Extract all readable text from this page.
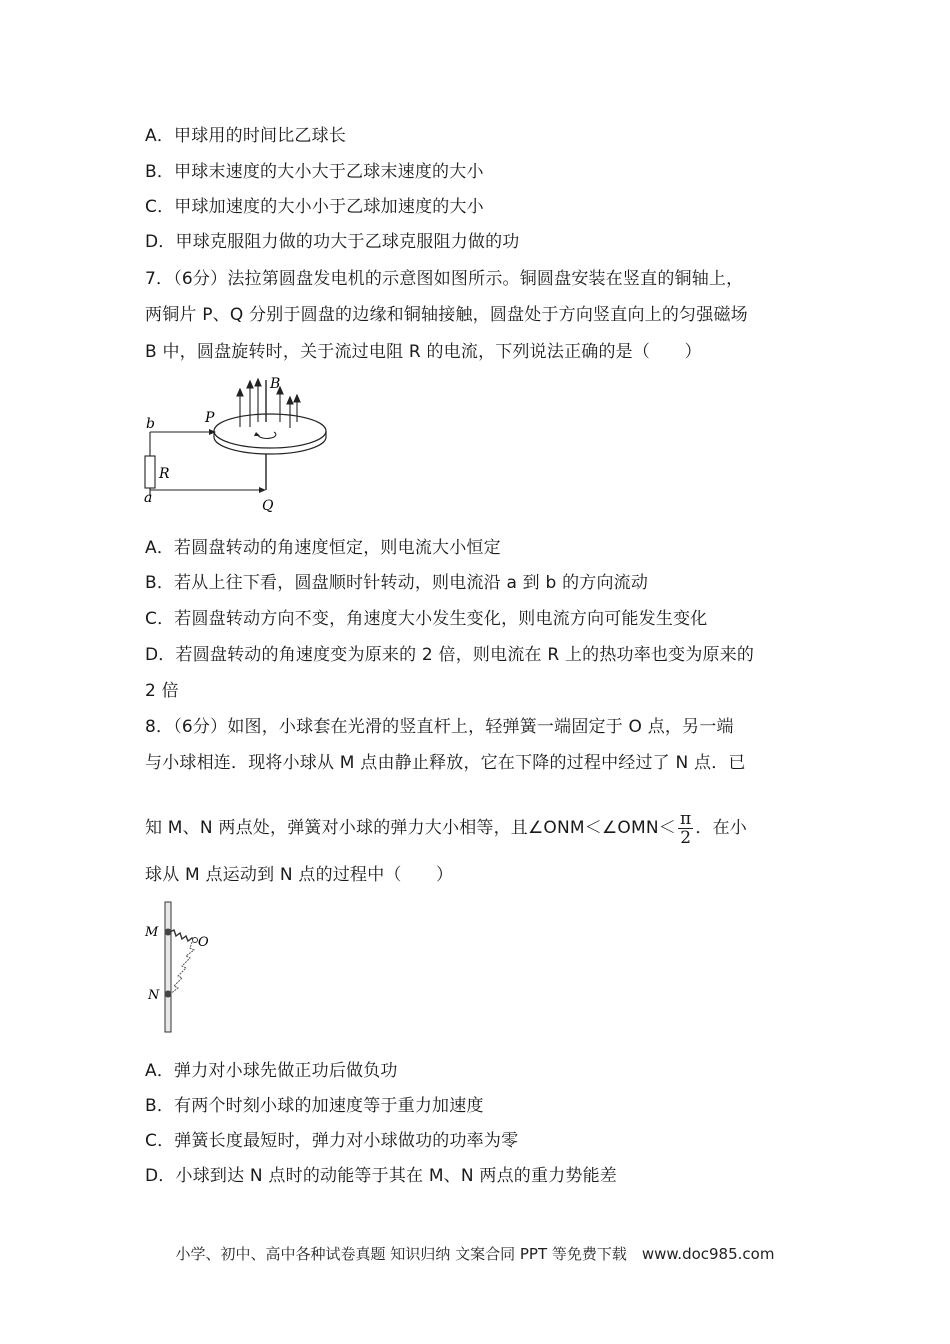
A．甲球用的时间比乙球长
B．甲球末速度的大小大于乙球末速度的大小
C．甲球加速度的大小小于乙球加速度的大小
D．甲球克服阻力做的功大于乙球克服阻力做的功
7．（6分）法拉第圆盘发电机的示意图如图所示。铜圆盘安装在竖直的铜轴上，
两铜片 P、Q 分别于圆盘的边缘和铜轴接触，圆盘处于方向竖直向上的匀强磁场
B 中，圆盘旋转时，关于流过电阻 R 的电流，下列说法正确的是（　　）
b
a
P
Q
R
B
A．若圆盘转动的角速度恒定，则电流大小恒定
B．若从上往下看，圆盘顺时针转动，则电流沿 a 到 b 的方向流动
C．若圆盘转动方向不变，角速度大小发生变化，则电流方向可能发生变化
D．若圆盘转动的角速度变为原来的 2 倍，则电流在 R 上的热功率也变为原来的
2 倍
8．（6分）如图，小球套在光滑的竖直杆上，轻弹簧一端固定于 O 点，另一端
与小球相连．现将小球从 M 点由静止释放，它在下降的过程中经过了 N 点．已
知 M、N 两点处，弹簧对小球的弹力大小相等，且∠ONM＜∠OMN＜ $\frac{\pi}{2}$ ．在小
球从 M 点运动到 N 点的过程中（　　）
M
O
N
A．弹力对小球先做正功后做负功
B．有两个时刻小球的加速度等于重力加速度
C．弹簧长度最短时，弹力对小球做功的功率为零
D．小球到达 N 点时的动能等于其在 M、N 两点的重力势能差
小学、初中、高中各种试卷真题 知识归纳 文案合同 PPT 等免费下载　www.doc985.com
